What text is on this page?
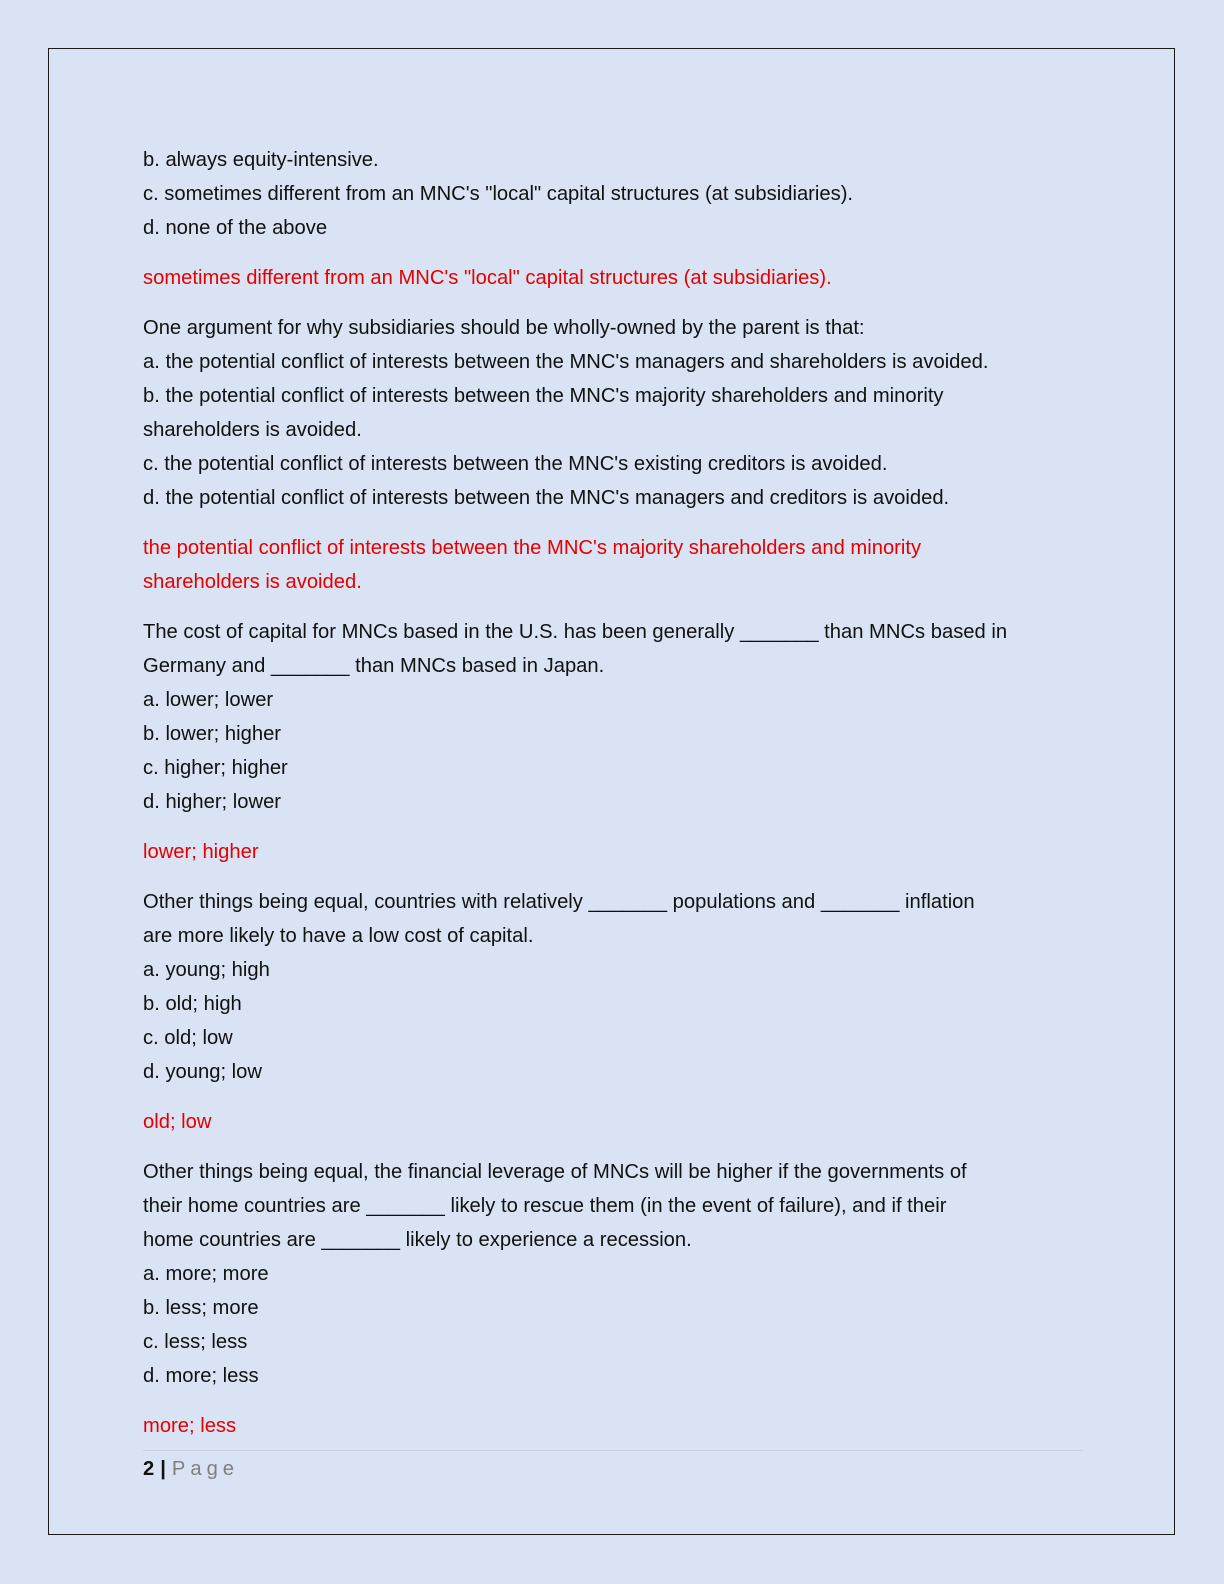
b. always equity-intensive.
c. sometimes different from an MNC's "local" capital structures (at subsidiaries).
d. none of the above
sometimes different from an MNC's "local" capital structures (at subsidiaries).
One argument for why subsidiaries should be wholly-owned by the parent is that:
a. the potential conflict of interests between the MNC's managers and shareholders is avoided.
b. the potential conflict of interests between the MNC's majority shareholders and minority
shareholders is avoided.
c. the potential conflict of interests between the MNC's existing creditors is avoided.
d. the potential conflict of interests between the MNC's managers and creditors is avoided.
the potential conflict of interests between the MNC's majority shareholders and minority
shareholders is avoided.
The cost of capital for MNCs based in the U.S. has been generally _______ than MNCs based in
Germany and _______ than MNCs based in Japan.
a. lower; lower
b. lower; higher
c. higher; higher
d. higher; lower
lower; higher
Other things being equal, countries with relatively _______ populations and _______ inflation
are more likely to have a low cost of capital.
a. young; high
b. old; high
c. old; low
d. young; low
old; low
Other things being equal, the financial leverage of MNCs will be higher if the governments of
their home countries are _______ likely to rescue them (in the event of failure), and if their
home countries are _______ likely to experience a recession.
a. more; more
b. less; more
c. less; less
d. more; less
more; less
2 | Page
